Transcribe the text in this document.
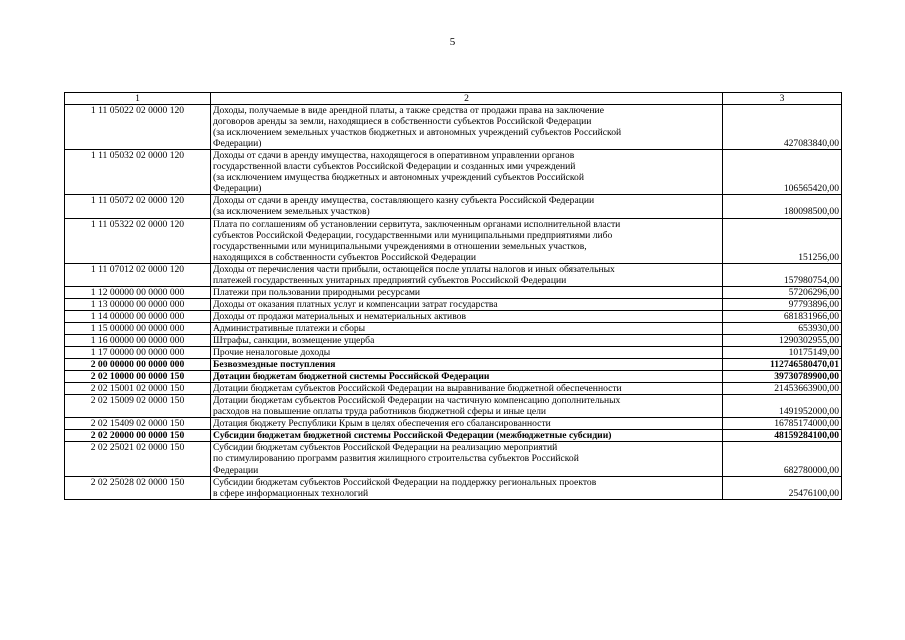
5
1	2	3
1 11 05022 02 0000 120	Доходы, получаемые в виде арендной платы, а также средства от продажи права на заключение
договоров аренды за земли, находящиеся в собственности субъектов Российской Федерации
(за исключением земельных участков бюджетных и автономных учреждений субъектов Российской
Федерации)	427083840,00
1 11 05032 02 0000 120	Доходы от сдачи в аренду имущества, находящегося в оперативном управлении органов
государственной власти субъектов Российской Федерации и созданных ими учреждений
(за исключением имущества бюджетных и автономных учреждений субъектов Российской
Федерации)	106565420,00
1 11 05072 02 0000 120	Доходы от сдачи в аренду имущества, составляющего казну субъекта Российской Федерации
(за исключением земельных участков)	180098500,00
1 11 05322 02 0000 120	Плата по соглашениям об установлении сервитута, заключенным органами исполнительной власти
субъектов Российской Федерации, государственными или муниципальными предприятиями либо
государственными или муниципальными учреждениями в отношении земельных участков,
находящихся в собственности субъектов Российской Федерации	151256,00
1 11 07012 02 0000 120	Доходы от перечисления части прибыли, остающейся после уплаты налогов и иных обязательных
платежей государственных унитарных предприятий субъектов Российской Федерации	157980754,00
1 12 00000 00 0000 000	Платежи при пользовании природными ресурсами	57206296,00
1 13 00000 00 0000 000	Доходы от оказания платных услуг и компенсации затрат государства	97793896,00
1 14 00000 00 0000 000	Доходы от продажи материальных и нематериальных активов	681831966,00
1 15 00000 00 0000 000	Административные платежи и сборы	653930,00
1 16 00000 00 0000 000	Штрафы, санкции, возмещение ущерба	1290302955,00
1 17 00000 00 0000 000	Прочие неналоговые доходы	10175149,00
2 00 00000 00 0000 000	Безвозмездные поступления	112746580470,01
2 02 10000 00 0000 150	Дотации бюджетам бюджетной системы Российской Федерации	39730789900,00
2 02 15001 02 0000 150	Дотации бюджетам субъектов Российской Федерации на выравнивание бюджетной обеспеченности	21453663900,00
2 02 15009 02 0000 150	Дотации бюджетам субъектов Российской Федерации на частичную компенсацию дополнительных
расходов на повышение оплаты труда работников бюджетной сферы и иные цели	1491952000,00
2 02 15409 02 0000 150	Дотация бюджету Республики Крым в целях обеспечения его сбалансированности	16785174000,00
2 02 20000 00 0000 150	Субсидии бюджетам бюджетной системы Российской Федерации (межбюджетные субсидии)	48159284100,00
2 02 25021 02 0000 150	Субсидии бюджетам субъектов Российской Федерации на реализацию мероприятий
по стимулированию программ развития жилищного строительства субъектов Российской
Федерации	682780000,00
2 02 25028 02 0000 150	Субсидии бюджетам субъектов Российской Федерации на поддержку региональных проектов
в сфере информационных технологий	25476100,00
